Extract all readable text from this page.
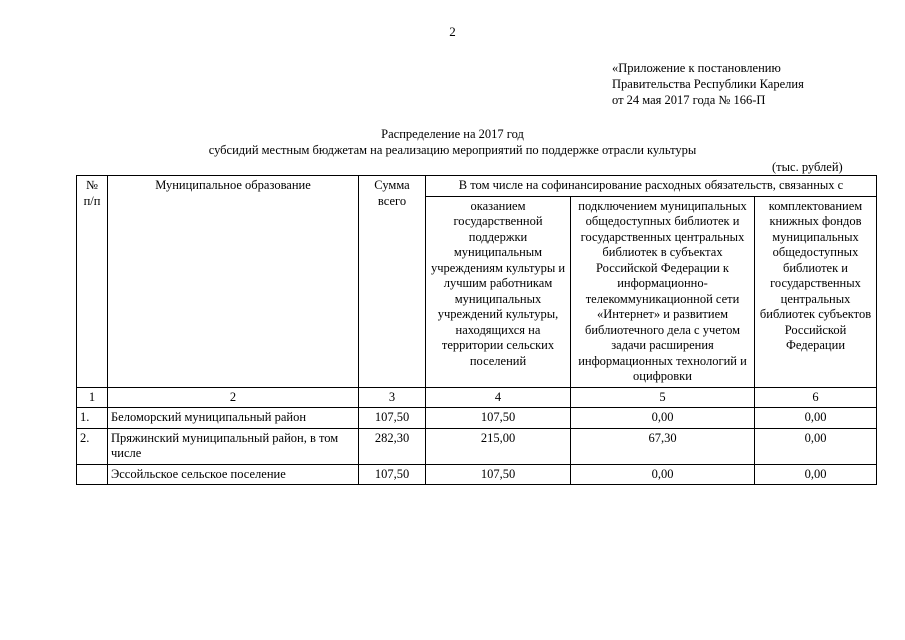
2
«Приложение к постановлению
Правительства Республики Карелия
от 24 мая 2017 года № 166-П
Распределение на 2017 год
субсидий местным бюджетам на реализацию мероприятий по поддержке отрасли культуры
(тыс. рублей)
№ п/п	Муниципальное образование	Сумма всего	В том числе на софинансирование расходных обязательств, связанных с		
			оказанием государственной поддержки муниципальным учреждениям культуры и лучшим работникам муниципальных учреждений культуры, находящихся на территории сельских поселений	подключением муниципальных общедоступных библиотек и государственных центральных библиотек в субъектах Российской Федерации к информационно-телекоммуникационной сети «Интернет» и развитием библиотечного дела с учетом задачи расширения информационных технологий и оцифровки	комплектованием книжных фондов муниципальных общедоступных библиотек и государственных центральных библиотек субъектов Российской Федерации
1	2	3	4	5	6
1.	Беломорский муниципальный район	107,50	107,50	0,00	0,00
2.	Пряжинский муниципальный район, в том числе	282,30	215,00	67,30	0,00
	Эссойльское сельское поселение	107,50	107,50	0,00	0,00
